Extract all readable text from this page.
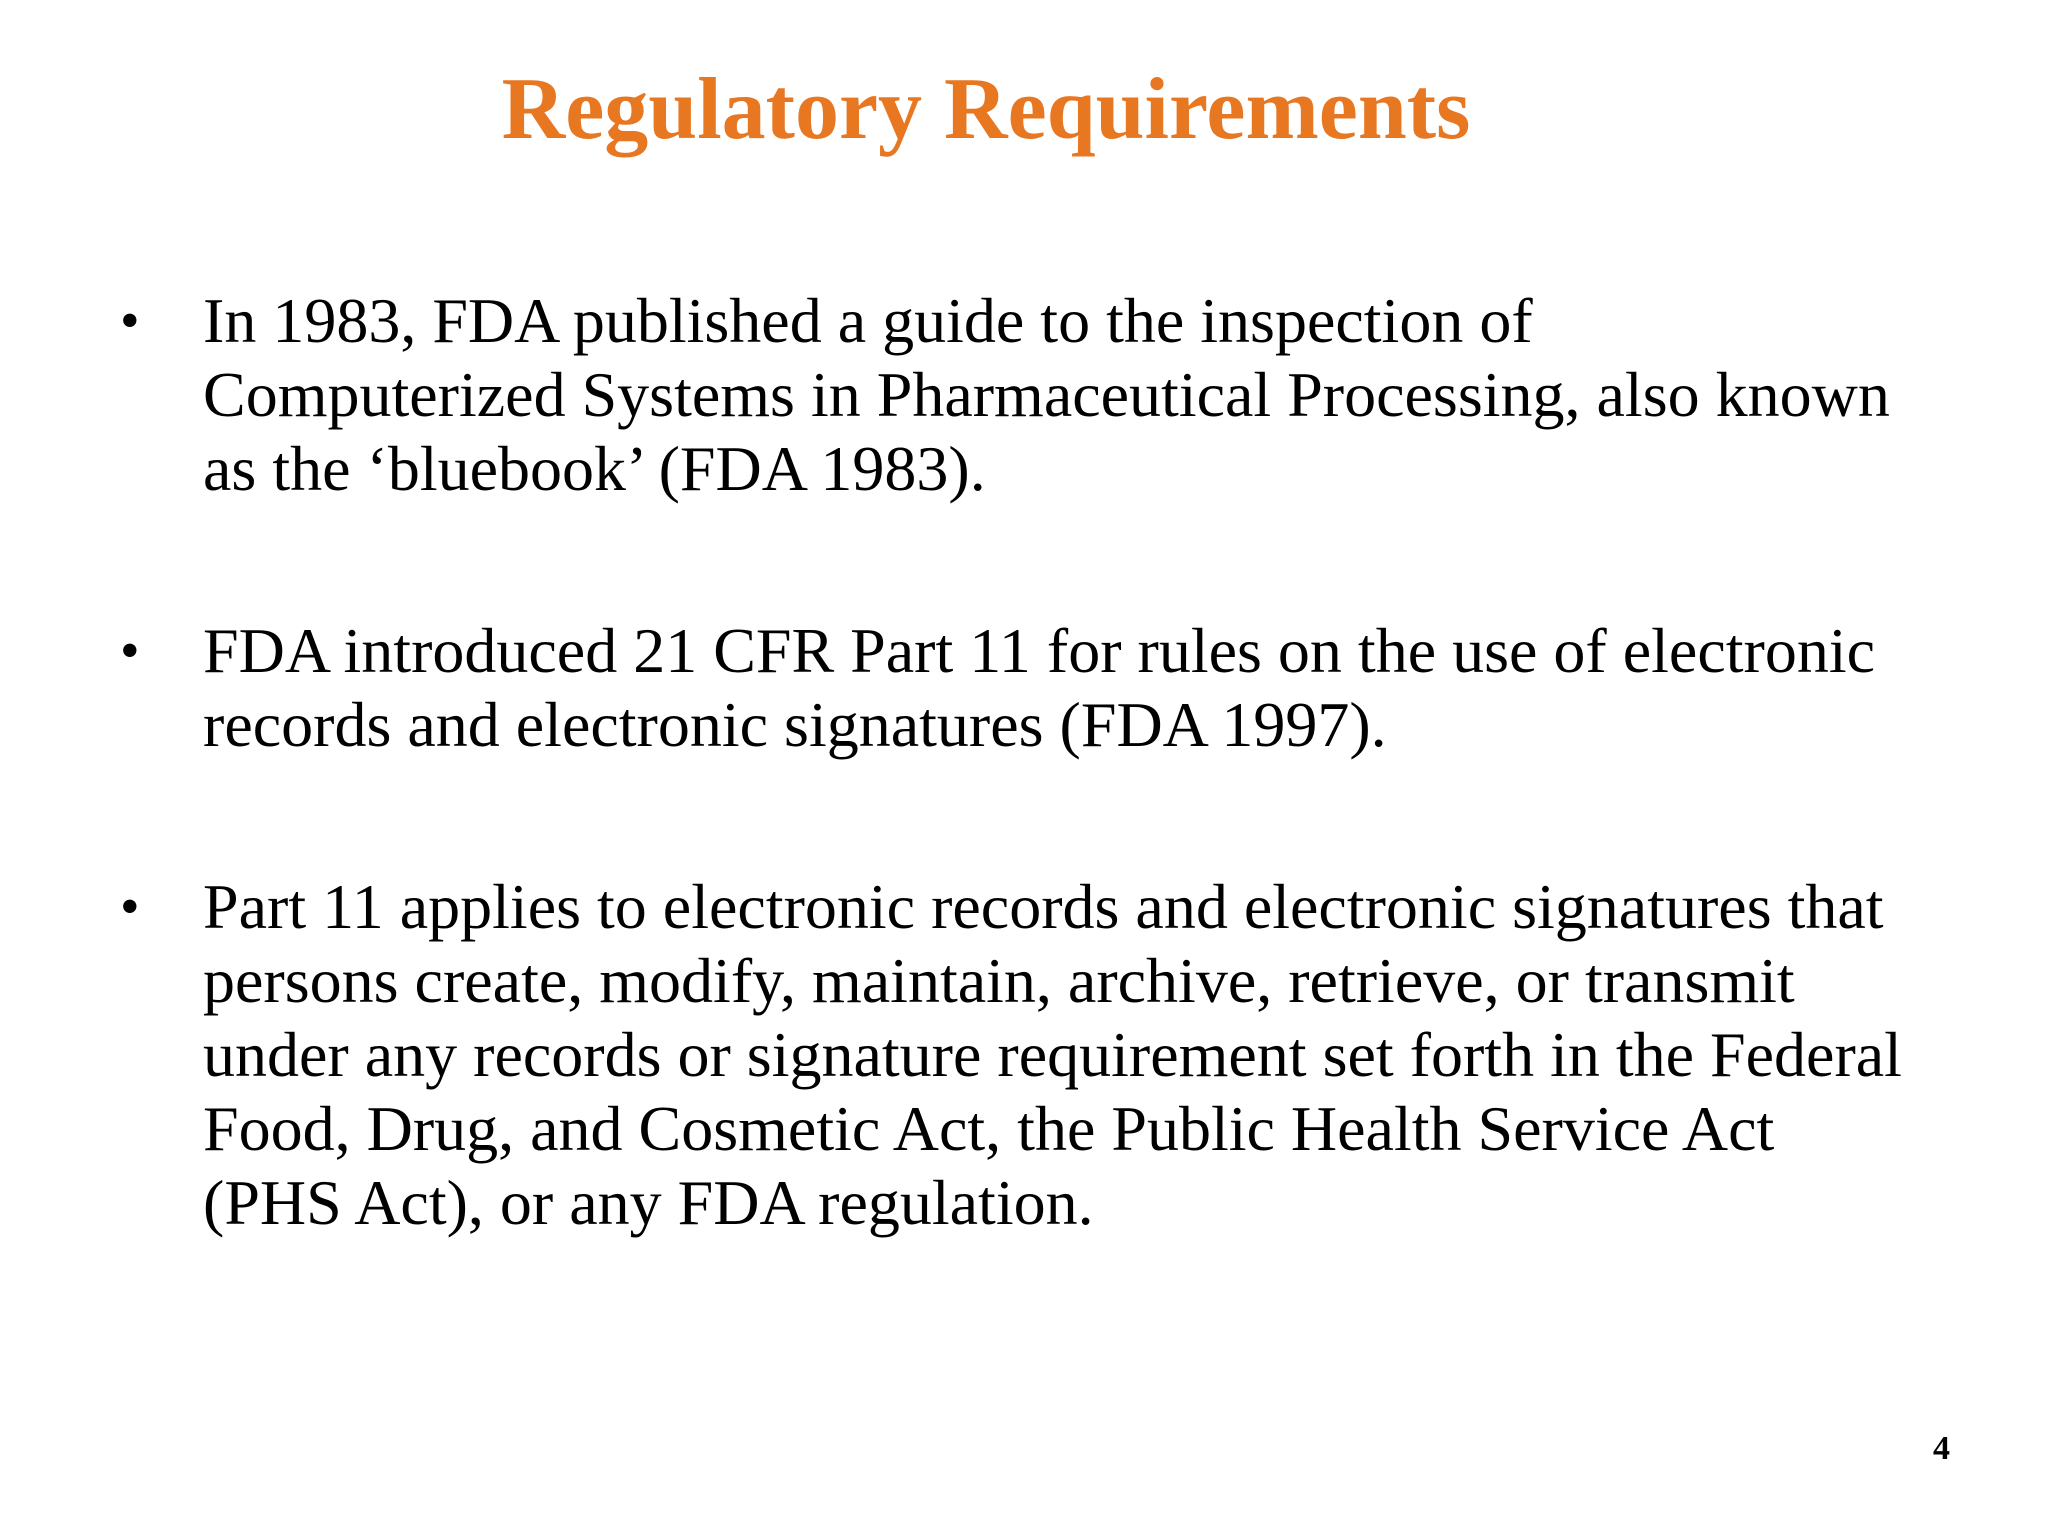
Regulatory Requirements
• In 1983, FDA published a guide to the inspection of Computerized Systems in Pharmaceutical Processing, also known as the ‘bluebook’ (FDA 1983).
• FDA introduced 21 CFR Part 11 for rules on the use of electronic records and electronic signatures (FDA 1997).
• Part 11 applies to electronic records and electronic signatures that persons create, modify, maintain, archive, retrieve, or transmit under any records or signature requirement set forth in the Federal Food, Drug, and Cosmetic Act, the Public Health Service Act (PHS Act), or any FDA regulation.
4
